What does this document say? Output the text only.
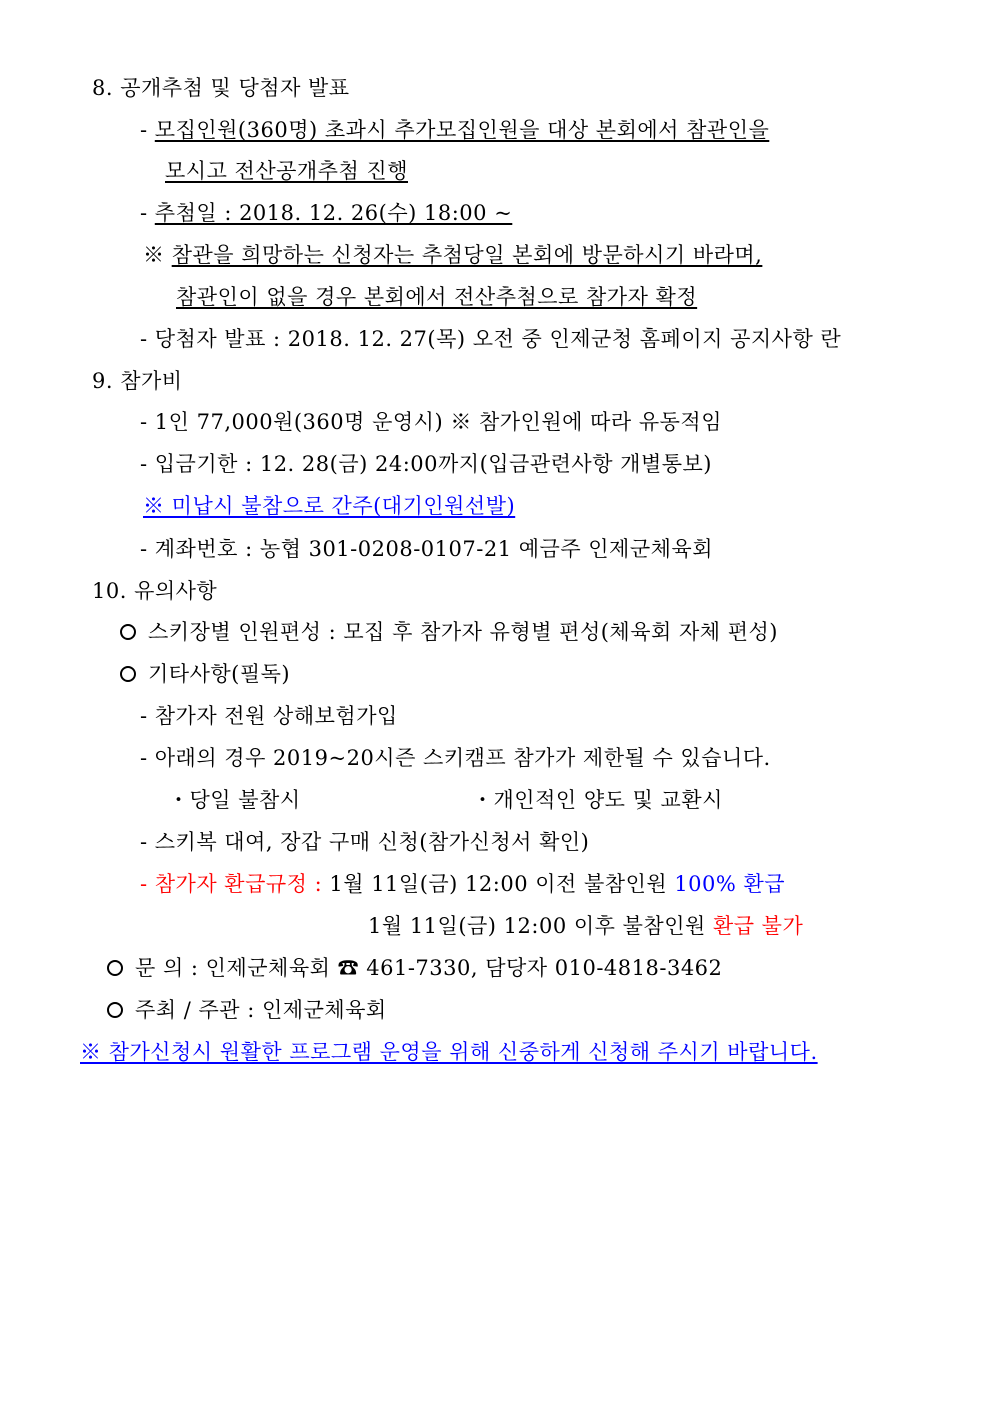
8. 공개추첨 및 당첨자 발표
- 모집인원(360명) 초과시 추가모집인원을 대상 본회에서 참관인을
모시고 전산공개추첨 진행
- 추첨일 : 2018. 12. 26(수) 18:00 ~
※ 참관을 희망하는 신청자는 추첨당일 본회에 방문하시기 바라며,
참관인이 없을 경우 본회에서 전산추첨으로 참가자 확정
- 당첨자 발표 : 2018. 12. 27(목) 오전 중 인제군청 홈페이지 공지사항 란
9. 참가비
- 1인 77,000원(360명 운영시) ※ 참가인원에 따라 유동적임
- 입금기한 : 12. 28(금) 24:00까지(입금관련사항 개별통보)
※ 미납시 불참으로 간주(대기인원선발)
- 계좌번호 : 농협 301-0208-0107-21 예금주 인제군체육회
10. 유의사항
스키장별 인원편성 : 모집 후 참가자 유형별 편성(체육회 자체 편성)
기타사항(필독)
- 참가자 전원 상해보험가입
- 아래의 경우 2019~20시즌 스키캠프 참가가 제한될 수 있습니다.
・당일 불참시	・개인적인 양도 및 교환시
- 스키복 대여, 장갑 구매 신청(참가신청서 확인)
- 참가자 환급규정 : 1월 11일(금) 12:00 이전 불참인원 100% 환급
1월 11일(금) 12:00 이후 불참인원 환급 불가
문 의 : 인제군체육회 ☎ 461-7330, 담당자 010-4818-3462
주최 / 주관 : 인제군체육회
※ 참가신청시 원활한 프로그램 운영을 위해 신중하게 신청해 주시기 바랍니다.
